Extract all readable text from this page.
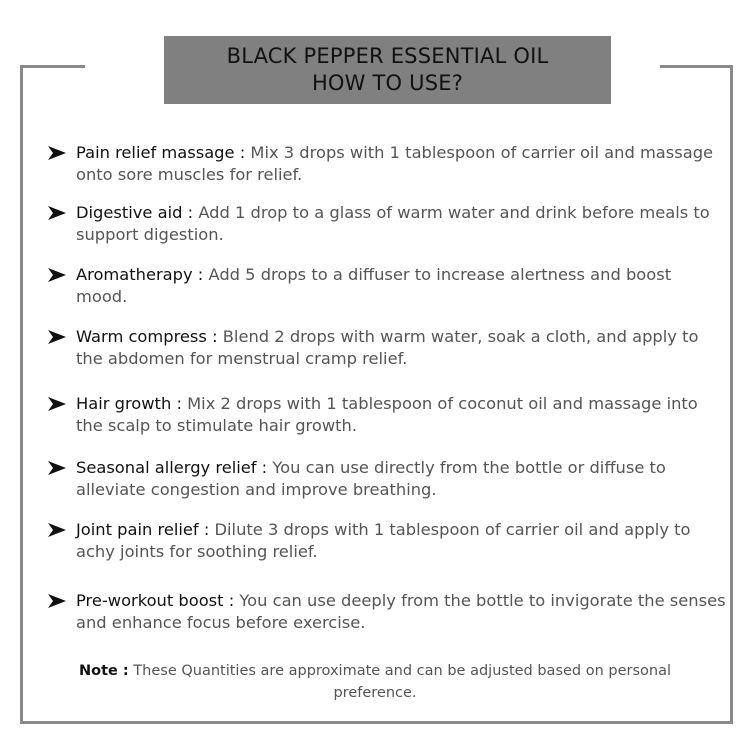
BLACK PEPPER ESSENTIAL OIL
HOW TO USE?
Pain relief massage : Mix 3 drops with 1 tablespoon of carrier oil and massage onto sore muscles for relief.
Digestive aid : Add 1 drop to a glass of warm water and drink before meals to support digestion.
Aromatherapy : Add 5 drops to a diffuser to increase alertness and boost mood.
Warm compress : Blend 2 drops with warm water, soak a cloth, and apply to the abdomen for menstrual cramp relief.
Hair growth : Mix 2 drops with 1 tablespoon of coconut oil and massage into the scalp to stimulate hair growth.
Seasonal allergy relief : You can use directly from the bottle or diffuse to alleviate congestion and improve breathing.
Joint pain relief : Dilute 3 drops with 1 tablespoon of carrier oil and apply to achy joints for soothing relief.
Pre-workout boost : You can use deeply from the bottle to invigorate the senses and enhance focus before exercise.
Note : These Quantities are approximate and can be adjusted based on personal preference.
